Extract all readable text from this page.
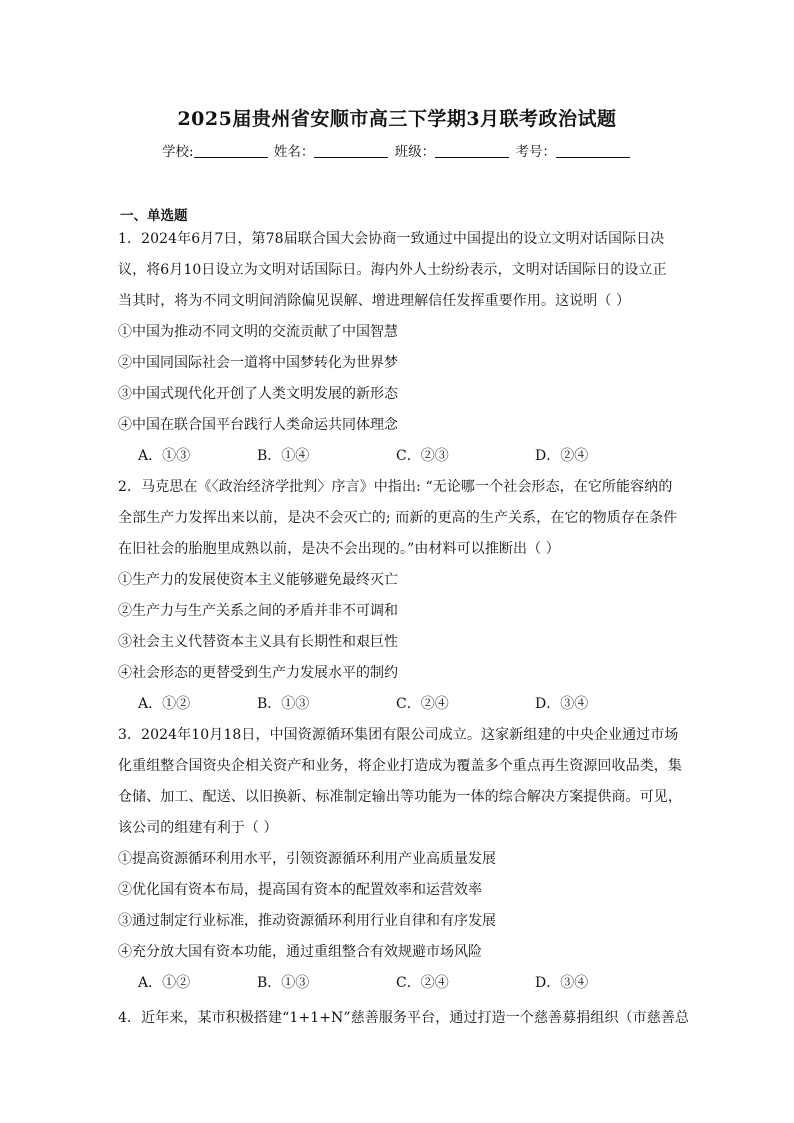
2025届贵州省安顺市高三下学期3月联考政治试题
学校:	姓名：	班级：	考号：
一、单选题
1．2024年6月7日，第78届联合国大会协商一致通过中国提出的设立文明对话国际日决
议，将6月10日设立为文明对话国际日。海内外人士纷纷表示，文明对话国际日的设立正
当其时，将为不同文明间消除偏见误解、增进理解信任发挥重要作用。这说明（ ）
①中国为推动不同文明的交流贡献了中国智慧
②中国同国际社会一道将中国梦转化为世界梦
③中国式现代化开创了人类文明发展的新形态
④中国在联合国平台践行人类命运共同体理念
A．①③	B．①④	C．②③	D．②④
2．马克思在《〈政治经济学批判〉序言》中指出: “无论哪一个社会形态，在它所能容纳的
全部生产力发挥出来以前，是决不会灭亡的; 而新的更高的生产关系，在它的物质存在条件
在旧社会的胎胞里成熟以前，是决不会出现的。”由材料可以推断出（ ）
①生产力的发展使资本主义能够避免最终灭亡
②生产力与生产关系之间的矛盾并非不可调和
③社会主义代替资本主义具有长期性和艰巨性
④社会形态的更替受到生产力发展水平的制约
A．①②	B．①③	C．②④	D．③④
3．2024年10月18日，中国资源循环集团有限公司成立。这家新组建的中央企业通过市场
化重组整合国资央企相关资产和业务，将企业打造成为覆盖多个重点再生资源回收品类，集
仓储、加工、配送、以旧换新、标准制定输出等功能为一体的综合解决方案提供商。可见，
该公司的组建有利于（ ）
①提高资源循环利用水平，引领资源循环利用产业高质量发展
②优化国有资本布局，提高国有资本的配置效率和运营效率
③通过制定行业标准，推动资源循环利用行业自律和有序发展
④充分放大国有资本功能，通过重组整合有效规避市场风险
A．①②	B．①③	C．②④	D．③④
4．近年来，某市积极搭建“1+1+N”慈善服务平台，通过打造一个慈善募捐组织（市慈善总
